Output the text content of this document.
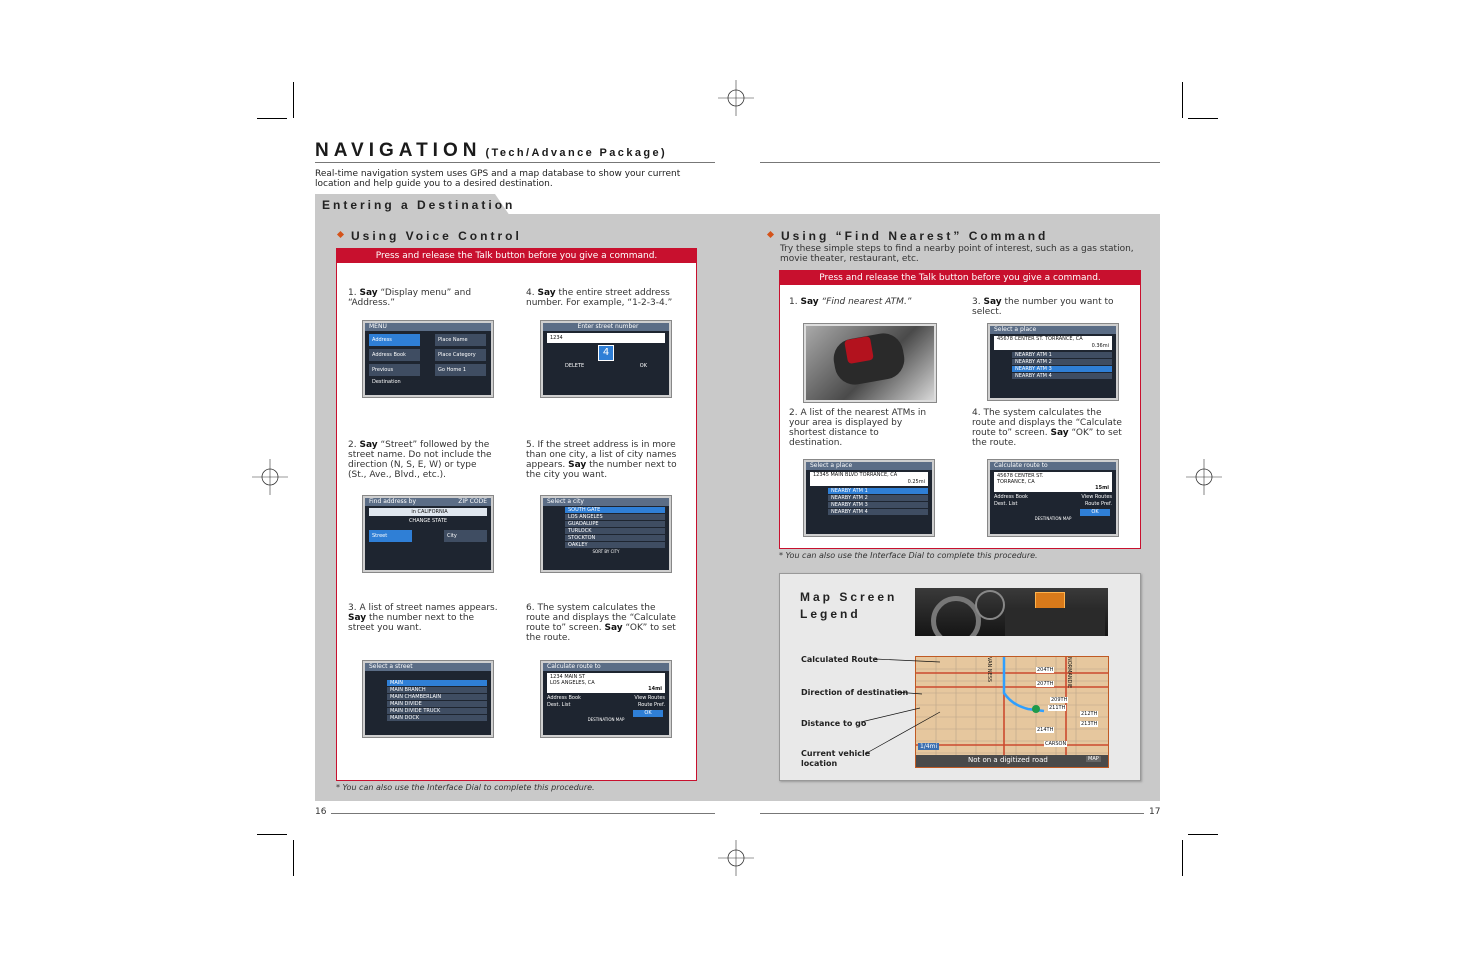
NAVIGATION (Tech/Advance Package)
Real-time navigation system uses GPS and a map database to show your current location and help guide you to a desired destination.
Entering a Destination
Using Voice Control
Press and release the Talk button before you give a command.
1. Say “Display menu” and “Address.”
2. Say “Street” followed by the street name. Do not include the direction (N, S, E, W) or type (St., Ave., Blvd., etc.).
3. A list of street names appears. Say the number next to the street you want.
4. Say the entire street address number. For example, “1-2-3-4.”
5. If the street address is in more than one city, a list of city names appears. Say the number next to the city you want.
6. The system calculates the route and displays the “Calculate route to” screen. Say “OK” to set the route.
MENU
Address	Place Name
Address Book	Place Category
Previous Destination
Go Home 1
Enter street number
1234
4
DELETE	OK
Find address by	ZIP CODE
in CALIFORNIA
CHANGE STATE
Street	City
Select a city
SOUTH GATE
LOS ANGELES
GUADALUPE
TURLOCK
STOCKTON
OAKLEY
SORT BY CITY
Select a street
MAIN
MAIN BRANCH
MAIN CHAMBERLAIN
MAIN DIVIDE
MAIN DIVIDE TRUCK
MAIN DOCK
Calculate route to
1234 MAIN ST
LOS ANGELES, CA
14mi
Address Book	View Routes
Dest. List	Route Pref.
OK
DESTINATION MAP
* You can also use the Interface Dial to complete this procedure.
Using “Find Nearest” Command
Try these simple steps to find a nearby point of interest, such as a gas station, movie theater, restaurant, etc.
Press and release the Talk button before you give a command.
1. Say “Find nearest ATM.”
2. A list of the nearest ATMs in your area is displayed by shortest distance to destination.
3. Say the number you want to select.
4. The system calculates the route and displays the “Calculate route to” screen. Say “OK” to set the route.
Select a place
12345 MAIN BLVD TORRANCE, CA
0.25mi
NEARBY ATM 1
NEARBY ATM 2
NEARBY ATM 3
NEARBY ATM 4
Select a place
45678 CENTER ST. TORRANCE, CA
0.36mi
NEARBY ATM 1
NEARBY ATM 2
NEARBY ATM 3
NEARBY ATM 4
Calculate route to
45678 CENTER ST.
TORRANCE, CA
15mi
Address Book	View Routes
Dest. List	Route Pref.
OK
DESTINATION MAP
* You can also use the Interface Dial to complete this procedure.
Map Screen
Legend
Calculated Route
Direction of destination
Distance to go
Current vehicle location
204TH
207TH
209TH
211TH
212TH
213TH
214TH
CARSON
NORMANDIE
VAN NESS
1/4mi
Not on a digitized road	MAP
16	17
